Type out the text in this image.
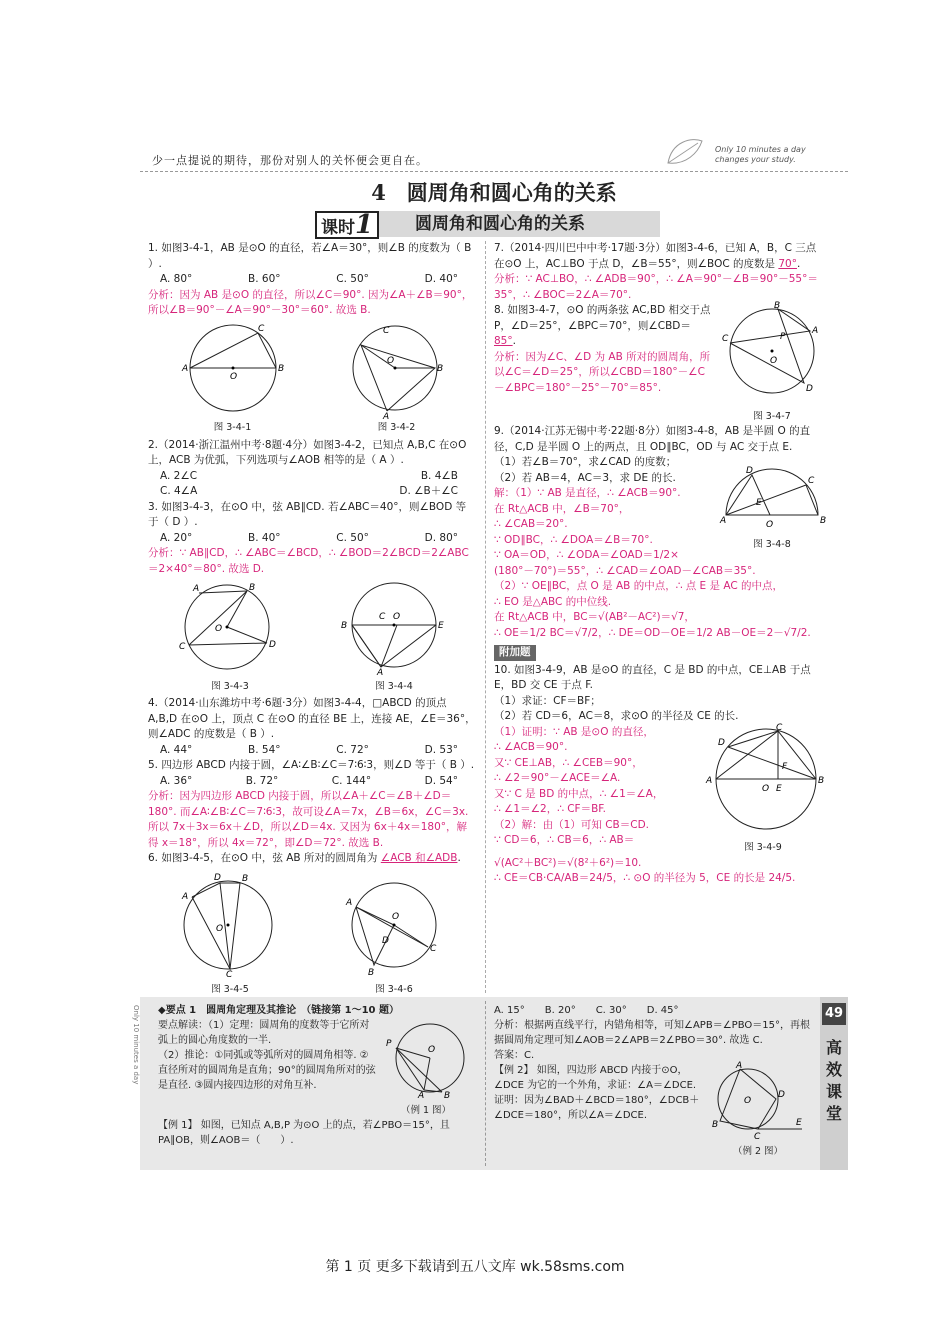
少一点提说的期待，那份对别人的关怀便会更自在。
Only 10 minutes a day
changes your study.
4　圆周角和圆心角的关系
课时1	圆周角和圆心角的关系

1. 如图3-4-1，AB 是⊙O 的直径，若∠A＝30°，则∠B 的度数为（ B ）.

A. 80°	B. 60°	C. 50°	D. 40°

分析：因为 AB 是⊙O 的直径，所以∠C＝90°. 因为∠A＋∠B＝90°，所以∠B＝90°－∠A＝90°－30°＝60°. 故选 B.

A	B
C
O
图 3-4-1
C
O
B
A
图 3-4-2

2.（2014·浙江温州中考·8题·4分）如图3-4-2，已知点 A,B,C 在⊙O 上，ACB 为优弧，下列选项与∠AOB 相等的是（ A ）.

A. 2∠C	B. 4∠B
C. 4∠A	D. ∠B＋∠C

3. 如图3-4-3，在⊙O 中，弦 AB∥CD. 若∠ABC＝40°，则∠BOD 等于（ D ）.

A. 20°	B. 40°	C. 50°	D. 80°

分析：∵ AB∥CD，∴ ∠ABC＝∠BCD，∴ ∠BOD＝2∠BCD＝2∠ABC＝2×40°＝80°. 故选 D.

A	B
C	D
O
图 3-4-3
B	E
C O
A
图 3-4-4

4.（2014·山东潍坊中考·6题·3分）如图3-4-4，□ABCD 的顶点 A,B,D 在⊙O 上，顶点 C 在⊙O 的直径 BE 上，连接 AE，∠E＝36°，则∠ADC 的度数是（ B ）.

A. 44°	B. 54°	C. 72°	D. 53°

5. 四边形 ABCD 内接于圆，∠A∶∠B∶∠C＝7∶6∶3，则∠D 等于（ B ）.

A. 36°	B. 72°	C. 144°	D. 54°

分析：因为四边形 ABCD 内接于圆，所以∠A＋∠C＝∠B＋∠D＝180°. 而∠A∶∠B∶∠C＝7∶6∶3，故可设∠A＝7x，∠B＝6x，∠C＝3x. 所以 7x＋3x＝6x＋∠D，所以∠D＝4x. 又因为 6x＋4x＝180°，解得 x＝18°，所以 4x＝72°，即∠D＝72°. 故选 B.

6. 如图3-4-5，在⊙O 中，弦 AB 所对的圆周角为 ∠ACB 和∠ADB.

A
D B
O
C
图 3-4-5
A
O
D
C
B
图 3-4-6

7.（2014·四川巴中中考·17题·3分）如图3-4-6，已知 A，B，C 三点在⊙O 上，AC⊥BO 于点 D，∠B＝55°，则∠BOC 的度数是 70°.

分析：∵ AC⊥BO，∴ ∠ADB＝90°，∴ ∠A＝90°－∠B＝90°－55°＝35°，∴ ∠BOC＝2∠A＝70°.

8. 如图3-4-7，⊙O 的两条弦 AC,BD 相交于点 P，∠D＝25°，∠BPC＝70°，则∠CBD＝ 85°.

分析：因为∠C、∠D 为 AB 所对的圆周角，所以∠C＝∠D＝25°，所以∠CBD＝180°－∠C－∠BPC＝180°－25°－70°＝85°.

C
A
B
D
O
P
图 3-4-7

9.（2014·江苏无锡中考·22题·8分）如图3-4-8，AB 是半圆 O 的直径，C,D 是半圆 O 上的两点，且 OD∥BC，OD 与 AC 交于点 E.

（1）若∠B＝70°，求∠CAD 的度数；

（2）若 AB＝4，AC＝3，求 DE 的长.

解：（1）∵ AB 是直径，∴ ∠ACB＝90°.

在 Rt△ACB 中，∠B＝70°，

∴ ∠CAB＝20°.

∵ OD∥BC，∴ ∠DOA＝∠B＝70°.

∵ OA＝OD，∴ ∠ODA＝∠OAD＝1/2×

A
D
C
E
O	B
图 3-4-8

(180°－70°)＝55°，∴ ∠CAD＝∠OAD－∠CAB＝35°.

（2）∵ OE∥BC，点 O 是 AB 的中点，∴ 点 E 是 AC 的中点，

∴ EO 是△ABC 的中位线.

在 Rt△ACB 中，BC＝√(AB²－AC²)＝√7，

∴ OE＝1/2 BC＝√7/2，∴ DE＝OD－OE＝1/2 AB－OE＝2－√7/2.

附加题

10. 如图3-4-9，AB 是⊙O 的直径，C 是 BD 的中点，CE⊥AB 于点 E，BD 交 CE 于点 F.

（1）求证：CF＝BF；

（2）若 CD＝6，AC＝8，求⊙O 的半径及 CE 的长.

（1）证明：∵ AB 是⊙O 的直径，

∴ ∠ACB＝90°.

又∵ CE⊥AB，∴ ∠CEB＝90°，

∴ ∠2＝90°－∠ACE＝∠A.

又∵ C 是 BD 的中点，∴ ∠1＝∠A，

∴ ∠1＝∠2，∴ CF＝BF.

（2）解：由（1）可知 CB＝CD.

∵ CD＝6，∴ CB＝6，∴ AB＝

A
D
C
B
O E
F
图 3-4-9

√(AC²＋BC²)＝√(8²＋6²)＝10.

∴ CE＝CB·CA/AB＝24/5，∴ ⊙O 的半径为 5，CE 的长是 24/5.

◆要点 1　圆周角定理及其推论　 （链接第 1～10 题）

要点解读：（1）定理：圆周角的度数等于它所对弧上的圆心角度数的一半.

（2）推论：①同弧或等弧所对的圆周角相等. ②直径所对的圆周角是直角；90°的圆周角所对的弦是直径. ③圆内接四边形的对角互补.

P
O
A B
（例 1 图）

【例 1】 如图，已知点 A,B,P 为⊙O 上的点，若∠PBO＝15°，且 PA∥OB，则∠AOB＝（　　）.

A. 15°　　B. 20°　　C. 30°　　D. 45°

分析：根据两直线平行，内错角相等，可知∠APB＝∠PBO＝15°，再根据圆周角定理可知∠AOB＝2∠APB＝2∠PBO＝30°. 故选 C.

答案：C.

【例 2】 如图，四边形 ABCD 内接于⊙O，∠DCE 为它的一个外角，求证：∠A＝∠DCE.

证明：因为∠BAD＋∠BCD＝180°，∠DCB＋∠DCE＝180°，所以∠A＝∠DCE.

A
B
C
D
E
O
（例 2 图）
49
高效课堂
Only 10 minutes a day
第 1 页 更多下载请到五八文库 wk.58sms.com
